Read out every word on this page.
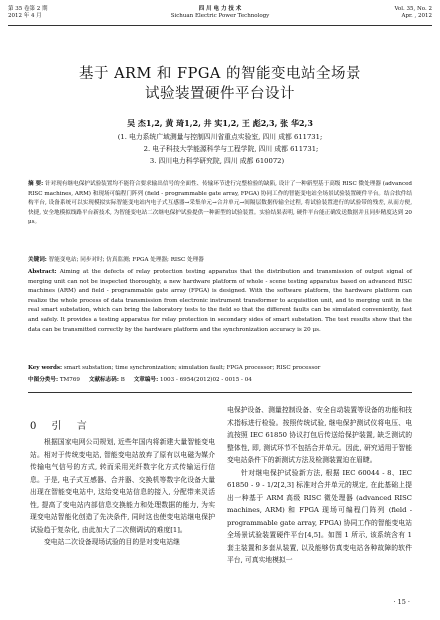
第 35 卷第 2 期
2012 年 4 月
四 川 电 力 技 术
Sichuan Electric Power Technology
Vol. 35, No. 2
Apr. , 2012
基于 ARM 和 FPGA 的智能变电站全场景
试验装置硬件平台设计
吴 杰1,2, 黄 琦1,2, 井 实1,2, 王 彪2,3, 张 华2,3
(1. 电力系统广域测量与控制四川省重点实验室, 四川 成都 611731;
2. 电子科技大学能源科学与工程学院, 四川 成都 611731;
3. 四川电力科学研究院, 四川 成都 610072)
摘 要: 针对现有继电保护试验装置均不能符合要求输出信号的全面性、传输环节进行完整检验的缺陷, 设计了一种新型基于高级 RISC 微处理器 (advanced RISC machines, ARM) 和现场可编程门阵列 (field - programmable gate array, FPGA) 协同工作的智能变电站全场景试验装置硬件平台。结合软件结构平台, 设备系统可以实现模拟实际智能变电站内电子式互感器→采集单元→合并单元→间隔层数据传输全过程, 将试验装置进行的试验带的残差, 从而方便, 快捷, 安全地模拟线路平台新技术, 为智能变电站二次继电保护试验提供一种新型的试验装置。实验结果表明, 硬件平台能正确发送数据并且同步精度达到 20 μs。
关键词: 智能变电站; 同步对时; 仿真监测; FPGA 处理器; RISC 处理器
Abstract: Aiming at the defects of relay protection testing apparatus that the distribution and transmission of output signal of merging unit can not be inspected thoroughly, a new hardware platform of whole - scene testing apparatus based on advanced RISC machines (ARM) and field - programmable gate array (FPGA) is designed. With the software platform, the hardware platform can realize the whole process of data transmission from electronic instrument transformer to acquisition unit, and to merging unit in the real smart substation, which can bring the laboratory tests to the field so that the different faults can be simulated conveniently, fast and safely. It provides a testing apparatus for relay protection in secondary sides of smart substation. The test results show that the data can be transmitted correctly by the hardware platform and the synchronization accuracy is 20 μs.
Key words: smart substation; time synchronization; simulation fault; FPGA processor; RISC processor
中图分类号: TM769 文献标志码: B 文章编号: 1003 - 6954(2012)02 - 0015 - 04
0 引 言

根据国家电网公司规划, 近些年国内将新建大量智能变电站。相对于传统变电站, 智能变电站放弃了原有以电磁为媒介传输电气信号的方式, 转而采用光纤数字化方式传输运行信息。于是, 电子式互感器、合并器、交换机等数字化设备大量出现在智能变电站中, 这给变电站信息的接入, 分配带来灵活性, 提高了变电站内部信息交换能力和处理数据的能力, 为实现变电站智能化创造了先决条件, 同时这也使变电站继电保护试验趋于复杂化, 由此加大了二次侧调试的难度[1]。

变电站二次设备现场试验的目的是对变电站继

电保护设备、测量控制设备、安全自动装置等设备的功能和技术指标进行检验。按照传统试验, 继电保护测试仪将电压、电流按照 IEC 61850 协议打包后传送给保护装置, 缺乏测试的整体性, 即, 测试环节不包括合并单元。因此, 研究适用于智能变电站条件下的新测试方法及检测装置迫在眉睫。

针对继电保护试验新方法, 根据 IEC 60044 - 8、IEC 61850 - 9 - 1/2[2,3] 标准对合并单元的规定, 在此基础上提出一种基于 ARM 高级 RISC 微处理器 (advanced RISC machines, ARM) 和 FPGA 现场可编程门阵列 (field - programmable gate array, FPGA) 协同工作的智能变电站全场景试验装置硬件平台[4,5]。如图 1 所示, 该系统含有 1 套主装置和多套从装置, 以及能够仿真变电站各种故障的软件平台, 可真实地模拟一

· 15 ·
